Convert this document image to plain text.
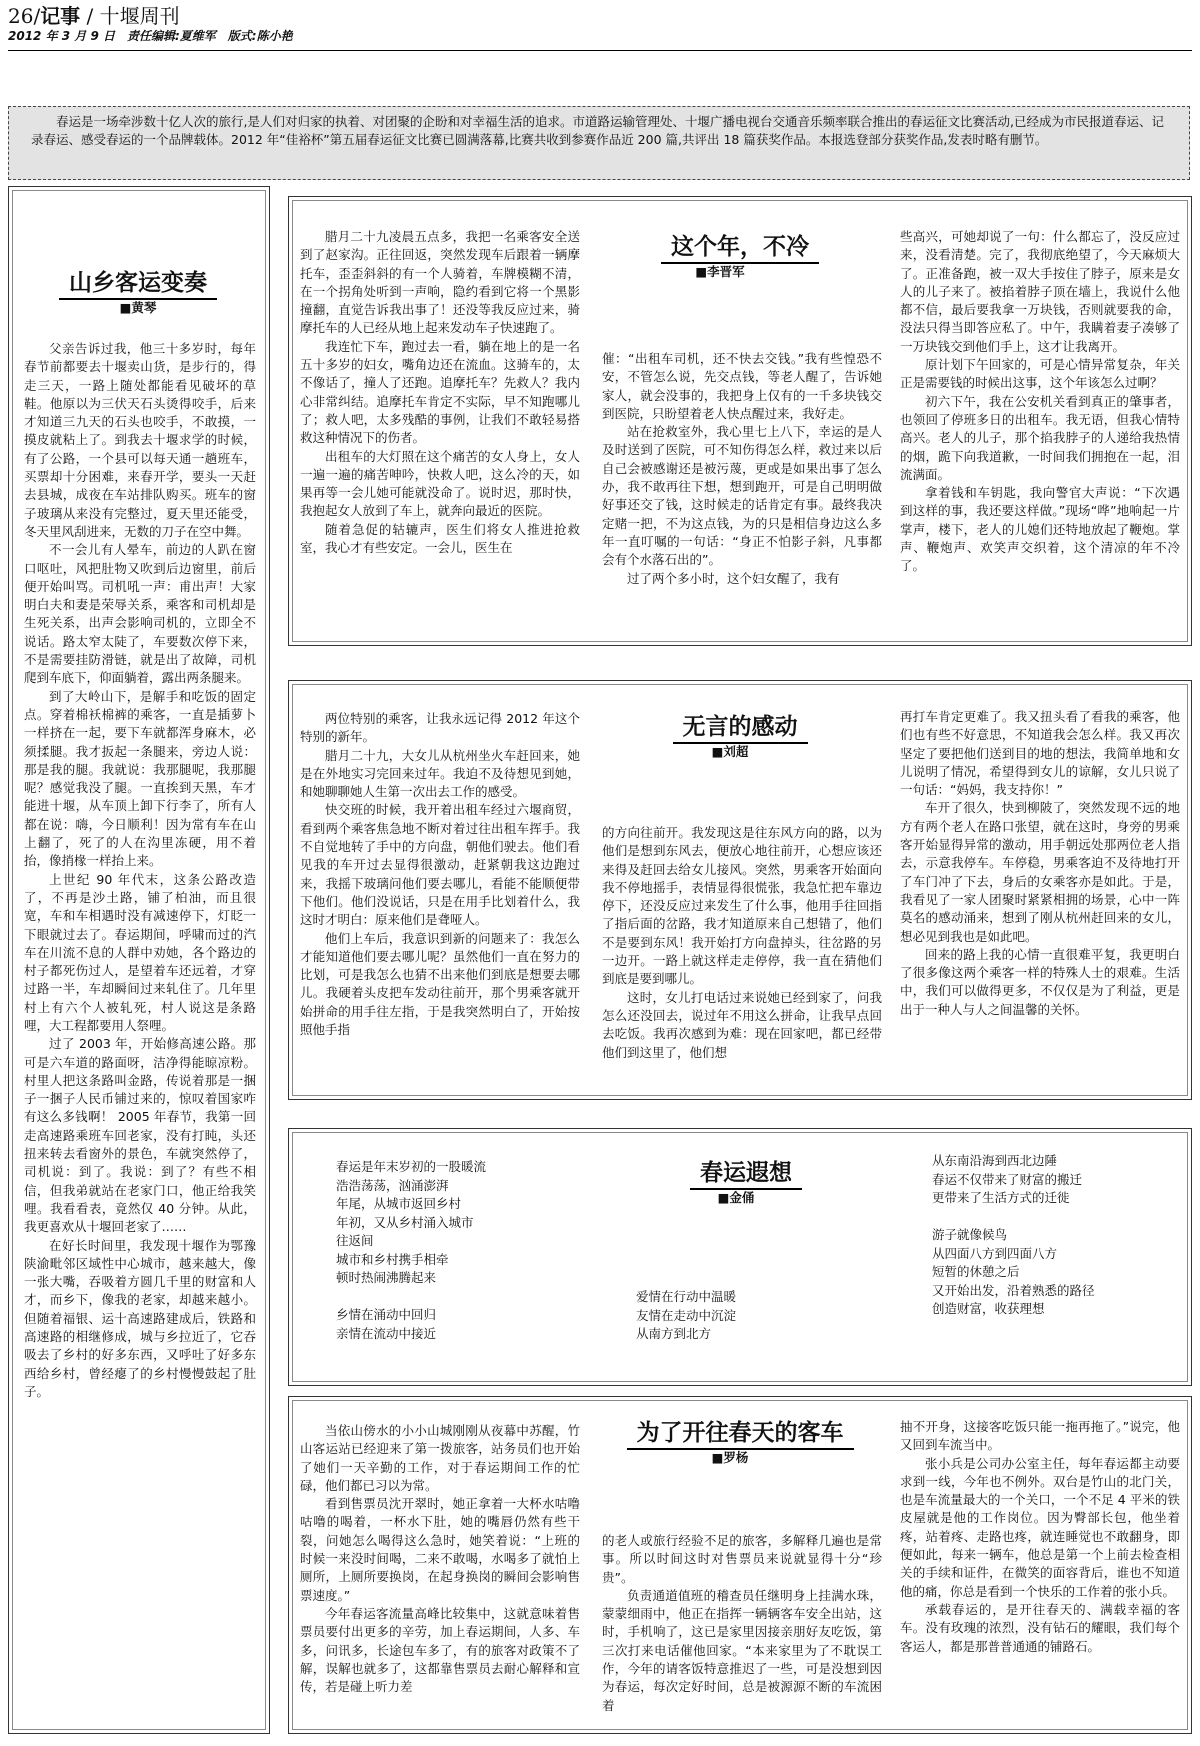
26/记事 / 十堰周刊
2012 年 3 月 9 日　责任编辑:夏维军　版式:陈小艳
春运是一场牵涉数十亿人次的旅行,是人们对归家的执着、对团聚的企盼和对幸福生活的追求。市道路运输管理处、十堰广播电视台交通音乐频率联合推出的春运征文比赛活动,已经成为市民报道春运、记录春运、感受春运的一个品牌载体。2012 年“佳裕杯”第五届春运征文比赛已圆满落幕,比赛共收到参赛作品近 200 篇,共评出 18 篇获奖作品。本报选登部分获奖作品,发表时略有删节。
山乡客运变奏
■黄琴

父亲告诉过我，他三十多岁时，每年春节前都要去十堰卖山货，是步行的，得走三天，一路上随处都能看见破坏的草鞋。他原以为三伏天石头烫得咬手，后来才知道三九天的石头也咬手，不敢摸，一摸皮就粘上了。到我去十堰求学的时候，有了公路，一个县可以每天通一趟班车，买票却十分困难，来春开学，要头一天赶去县城，成夜在车站排队购买。班车的窗子玻璃从来没有完整过，夏天里还能受，冬天里风刮进来，无数的刀子在空中舞。

不一会儿有人晕车，前边的人趴在窗口呕吐，风把肚物又吹到后边窗里，前后便开始叫骂。司机吼一声：甫出声！大家明白夫和妻是荣辱关系，乘客和司机却是生死关系，出声会影响司机的，立即全不说话。路太窄太陡了，车要数次停下来，不是需要挂防滑链，就是出了故障，司机爬到车底下，仰面躺着，露出两条腿来。

到了大岭山下，是解手和吃饭的固定点。穿着棉袄棉裤的乘客，一直是插萝卜一样挤在一起，要下车就都浑身麻木，必须揉腿。我才扳起一条腿来，旁边人说：那是我的腿。我就说：我那腿呢，我那腿呢？感觉我没了腿。一直挨到天黑，车才能进十堰，从车顶上卸下行李了，所有人都在说：嗨，今日顺利！因为常有车在山上翻了，死了的人在沟里冻硬，用不着抬，像捎椽一样抬上来。

上世纪 90 年代末，这条公路改造了，不再是沙土路，铺了柏油，而且很宽，车和车相遇时没有减速停下，灯眨一下眼就过去了。春运期间，呼啸而过的汽车在川流不息的人群中劝她，各个路边的村子都死伤过人，是望着车还远着，才穿过路一半，车却瞬间过来轧住了。几年里村上有六个人被轧死，村人说这是条路哩，大工程都要用人祭哩。

过了 2003 年，开始修高速公路。那可是六车道的路面呀，洁净得能晾凉粉。村里人把这条路叫金路，传说着那是一捆子一捆子人民币铺过来的，惊叹着国家咋有这么多钱啊！ 2005 年春节，我第一回走高速路乘班车回老家，没有打盹，头还扭来转去看窗外的景色，车就突然停了，司机说：到了。我说：到了？有些不相信，但我弟就站在老家门口，他正给我笑哩。我看看表，竟然仅 40 分钟。从此，我更喜欢从十堰回老家了……

在好长时间里，我发现十堰作为鄂豫陕渝毗邻区域性中心城市，越来越大，像一张大嘴，吞吸着方圆几千里的财富和人才，而乡下，像我的老家，却越来越小。但随着福银、运十高速路建成后，铁路和高速路的相继修成，城与乡拉近了，它吞吸去了乡村的好多东西，又呼吐了好多东西给乡村，曾经瘪了的乡村慢慢鼓起了肚子。

腊月二十九凌晨五点多，我把一名乘客安全送到了赵家沟。正往回返，突然发现车后跟着一辆摩托车，歪歪斜斜的有一个人骑着，车牌模糊不清，在一个拐角处听到一声响，隐约看到它将一个黑影撞翻，直觉告诉我出事了！还没等我反应过来，骑摩托车的人已经从地上起来发动车子快速跑了。

我连忙下车，跑过去一看，躺在地上的是一名五十多岁的妇女，嘴角边还在流血。这骑车的，太不像话了，撞人了还跑。追摩托车？先救人？我内心非常纠结。追摩托车肯定不实际，早不知跑哪儿了；救人吧，太多残酷的事例，让我们不敢轻易搭救这种情况下的伤者。

出租车的大灯照在这个痛苦的女人身上，女人一遍一遍的痛苦呻吟，快救人吧，这么冷的天，如果再等一会儿她可能就没命了。说时迟，那时快，我抱起女人放到了车上，就奔向最近的医院。

随着急促的轱辘声，医生们将女人推进抢救室，我心才有些安定。一会儿，医生在

这个年，不冷
■李晋军

催：“出租车司机，还不快去交钱。”我有些惶恐不安，不管怎么说，先交点钱，等老人醒了，告诉她家人，就会没事的，我把身上仅有的一千多块钱交到医院，只盼望着老人快点醒过来，我好走。

站在抢救室外，我心里七上八下，幸运的是人及时送到了医院，可不知伤得怎么样，救过来以后自己会被感谢还是被污蔑，更或是如果出事了怎么办，我不敢再往下想，想到跑开，可是自己明明做好事还交了钱，这时候走的话肯定有事。最终我决定赌一把，不为这点钱，为的只是相信身边这么多年一直叮嘱的一句话：“身正不怕影子斜，凡事都会有个水落石出的”。

过了两个多小时，这个妇女醒了，我有

些高兴，可她却说了一句：什么都忘了，没反应过来，没看清楚。完了，我彻底绝望了，今天麻烦大了。正准备跑，被一双大手按住了脖子，原来是女人的儿子来了。被掐着脖子顶在墙上，我说什么他都不信，最后要我拿一万块钱，否则就要我的命，没法只得当即答应私了。中午，我瞒着妻子凑够了一万块钱交到他们手上，这才让我离开。

原计划下午回家的，可是心情异常复杂，年关正是需要钱的时候出这事，这个年该怎么过啊？

初六下午，我在公安机关看到真正的肇事者，也领回了停班多日的出租车。我无语，但我心情特高兴。老人的儿子，那个掐我脖子的人递给我热情的烟，跪下向我道歉，一时间我们拥抱在一起，泪流满面。

拿着钱和车钥匙，我向警官大声说：“下次遇到这样的事，我还要这样做。”现场“哗”地响起一片掌声，楼下，老人的儿媳们还特地放起了鞭炮。掌声、鞭炮声、欢笑声交织着，这个清凉的年不冷了。

两位特别的乘客，让我永远记得 2012 年这个特别的新年。

腊月二十九，大女儿从杭州坐火车赶回来，她是在外地实习完回来过年。我迫不及待想见到她，和她聊聊她人生第一次出去工作的感受。

快交班的时候，我开着出租车经过六堰商贸，看到两个乘客焦急地不断对着过往出租车挥手。我不自觉地转了手中的方向盘，朝他们驶去。他们看见我的车开过去显得很激动，赶紧朝我这边跑过来，我摇下玻璃问他们要去哪儿，看能不能顺便带下他们。他们没说话，只是在用手比划着什么，我这时才明白：原来他们是聋哑人。

他们上车后，我意识到新的问题来了：我怎么才能知道他们要去哪儿呢？虽然他们一直在努力的比划，可是我怎么也猜不出来他们到底是想要去哪儿。我硬着头皮把车发动往前开，那个男乘客就开始拼命的用手往左指，于是我突然明白了，开始按照他手指

无言的感动
■刘超

的方向往前开。我发现这是往东风方向的路，以为他们是想到东风去，便放心地往前开，心想应该还来得及赶回去给女儿接风。突然，男乘客开始面向我不停地摇手，表情显得很慌张，我急忙把车靠边停下，还没反应过来发生了什么事，他用手往回指了指后面的岔路，我才知道原来自己想错了，他们不是要到东风！我开始打方向盘掉头，往岔路的另一边开。一路上就这样走走停停，我一直在猜他们到底是要到哪儿。

这时，女儿打电话过来说她已经到家了，问我怎么还没回去，说过年不用这么拼命，让我早点回去吃饭。我再次感到为难：现在回家吧，都已经带他们到这里了，他们想

再打车肯定更难了。我又扭头看了看我的乘客，他们也有些不好意思，不知道我会怎么样。我又再次坚定了要把他们送到目的地的想法，我简单地和女儿说明了情况，希望得到女儿的谅解，女儿只说了一句话：“妈妈，我支持你！”

车开了很久，快到柳陂了，突然发现不远的地方有两个老人在路口张望，就在这时，身旁的男乘客开始显得异常的激动，用手朝远处那两位老人指去，示意我停车。车停稳，男乘客迫不及待地打开了车门冲了下去，身后的女乘客亦是如此。于是，我看见了一家人团聚时紧紧相拥的场景，心中一阵莫名的感动涌来，想到了刚从杭州赶回来的女儿，想必见到我也是如此吧。

回来的路上我的心情一直很难平复，我更明白了很多像这两个乘客一样的特殊人士的艰难。生活中，我们可以做得更多，不仅仅是为了利益，更是出于一种人与人之间温馨的关怀。

春运是年末岁初的一股暖流
浩浩荡荡，汹涌澎湃
年尾，从城市返回乡村
年初，又从乡村涌入城市
往返间
城市和乡村携手相牵
顿时热闹沸腾起来
乡情在涌动中回归
亲情在流动中接近
春运遐想
■金俑
爱情在行动中温暖
友情在走动中沉淀
从南方到北方
从东南沿海到西北边陲
春运不仅带来了财富的搬迁
更带来了生活方式的迁徙
游子就像候鸟
从四面八方到四面八方
短暂的休憩之后
又开始出发，沿着熟悉的路径
创造财富，收获理想

当依山傍水的小小山城刚刚从夜幕中苏醒，竹山客运站已经迎来了第一拨旅客，站务员们也开始了她们一天辛勤的工作，对于春运期间工作的忙碌，他们都已习以为常。

看到售票员沈开翠时，她正拿着一大杯水咕噜咕噜的喝着，一杯水下肚，她的嘴唇仍然有些干裂，问她怎么喝得这么急时，她笑着说：“上班的时候一来没时间喝，二来不敢喝，水喝多了就怕上厕所，上厕所要换岗，在起身换岗的瞬间会影响售票速度。”

今年春运客流量高峰比较集中，这就意味着售票员要付出更多的辛劳，加上春运期间，人多、车多，问讯多，长途包车多了，有的旅客对政策不了解，误解也就多了，这都靠售票员去耐心解释和宣传，若是碰上听力差

为了开往春天的客车
■罗杨

的老人或旅行经验不足的旅客，多解释几遍也是常事。所以时间这时对售票员来说就显得十分“珍贵”。

负责通道值班的稽查员任继明身上挂满水珠，蒙蒙细雨中，他正在指挥一辆辆客车安全出站，这时，手机响了，这已是家里因接亲朋好友吃饭，第三次打来电话催他回家。“本来家里为了不耽误工作，今年的请客饭特意推迟了一些，可是没想到因为春运，每次定好时间，总是被源源不断的车流困着

抽不开身，这接客吃饭只能一拖再拖了。”说完，他又回到车流当中。

张小兵是公司办公室主任，每年春运都主动要求到一线，今年也不例外。双台是竹山的北门关，也是车流量最大的一个关口，一个不足 4 平米的铁皮屋就是他的工作岗位。因为臀部长包，他坐着疼，站着疼、走路也疼，就连睡觉也不敢翻身，即便如此，每来一辆车，他总是第一个上前去检查相关的手续和证件，在微笑的面容背后，谁也不知道他的痛，你总是看到一个快乐的工作着的张小兵。

承载春运的，是开往春天的、满载幸福的客车。没有玫瑰的浓烈，没有钻石的耀眼，我们每个客运人，都是那普普通通的铺路石。
